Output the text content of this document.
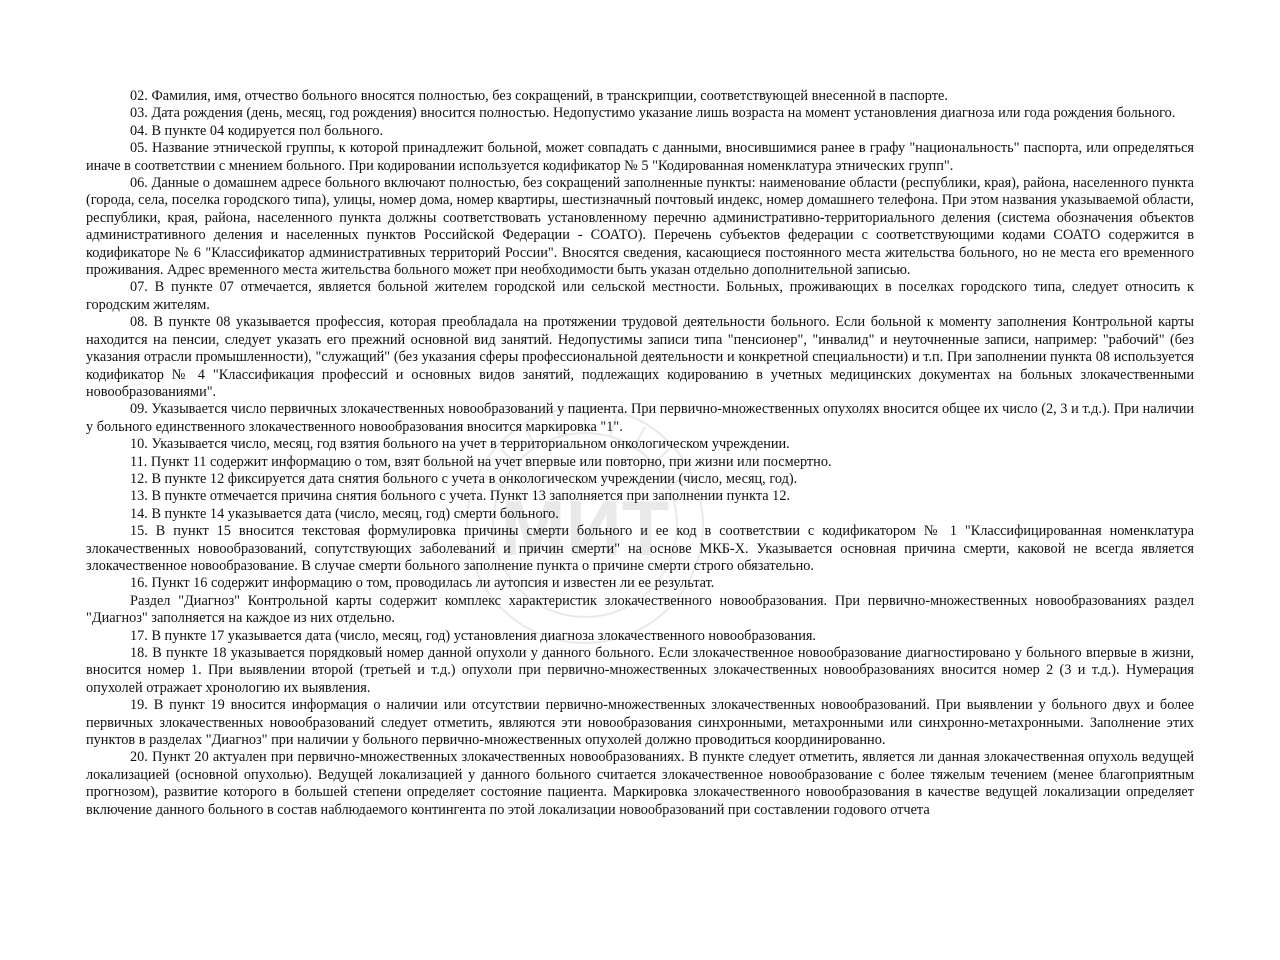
МИТ

02. Фамилия, имя, отчество больного вносятся полностью, без сокращений, в транскрипции, соответствующей внесенной в паспорте.

03. Дата рождения (день, месяц, год рождения) вносится полностью. Недопустимо указание лишь возраста на момент установления диагноза или года рождения больного.

04. В пункте 04 кодируется пол больного.

05. Название этнической группы, к которой принадлежит больной, может совпадать с данными, вносившимися ранее в графу "национальность" паспорта, или определяться иначе в соответствии с мнением больного. При кодировании используется кодификатор № 5 "Кодированная номенклатура этнических групп".

06. Данные о домашнем адресе больного включают полностью, без сокращений заполненные пункты: наименование области (республики, края), района, населенного пункта (города, села, поселка городского типа), улицы, номер дома, номер квартиры, шестизначный почтовый индекс, номер домашнего телефона. При этом названия указываемой области, республики, края, района, населенного пункта должны соответствовать установленному перечню административно-территориального деления (система обозначения объектов административного деления и населенных пунктов Российской Федерации - СОАТО). Перечень субъектов федерации с соответствующими кодами СОАТО содержится в кодификаторе № 6 "Классификатор административных территорий России". Вносятся сведения, касающиеся постоянного места жительства больного, но не места его временного проживания. Адрес временного места жительства больного может при необходимости быть указан отдельно дополнительной записью.

07. В пункте 07 отмечается, является больной жителем городской или сельской местности. Больных, проживающих в поселках городского типа, следует относить к городским жителям.

08. В пункте 08 указывается профессия, которая преобладала на протяжении трудовой деятельности больного. Если больной к моменту заполнения Контрольной карты находится на пенсии, следует указать его прежний основной вид занятий. Недопустимы записи типа "пенсионер", "инвалид" и неуточненные записи, например: "рабочий" (без указания отрасли промышленности), "служащий" (без указания сферы профессиональной деятельности и конкретной специальности) и т.п. При заполнении пункта 08 используется кодификатор № 4 "Классификация профессий и основных видов занятий, подлежащих кодированию в учетных медицинских документах на больных злокачественными новообразованиями".

09. Указывается число первичных злокачественных новообразований у пациента. При первично-множественных опухолях вносится общее их число (2, 3 и т.д.). При наличии у больного единственного злокачественного новообразования вносится маркировка "1".

10. Указывается число, месяц, год взятия больного на учет в территориальном онкологическом учреждении.

11. Пункт 11 содержит информацию о том, взят больной на учет впервые или повторно, при жизни или посмертно.

12. В пункте 12 фиксируется дата снятия больного с учета в онкологическом учреждении (число, месяц, год).

13. В пункте отмечается причина снятия больного с учета. Пункт 13 заполняется при заполнении пункта 12.

14. В пункте 14 указывается дата (число, месяц, год) смерти больного.

15. В пункт 15 вносится текстовая формулировка причины смерти больного и ее код в соответствии с кодификатором № 1 "Классифицированная номенклатура злокачественных новообразований, сопутствующих заболеваний и причин смерти" на основе МКБ-Х. Указывается основная причина смерти, каковой не всегда является злокачественное новообразование. В случае смерти больного заполнение пункта о причине смерти строго обязательно.

16. Пункт 16 содержит информацию о том, проводилась ли аутопсия и известен ли ее результат.

Раздел "Диагноз" Контрольной карты содержит комплекс характеристик злокачественного новообразования. При первично-множественных новообразованиях раздел "Диагноз" заполняется на каждое из них отдельно.

17. В пункте 17 указывается дата (число, месяц, год) установления диагноза злокачественного новообразования.

18. В пункте 18 указывается порядковый номер данной опухоли у данного больного. Если злокачественное новообразование диагностировано у больного впервые в жизни, вносится номер 1. При выявлении второй (третьей и т.д.) опухоли при первично-множественных злокачественных новообразованиях вносится номер 2 (3 и т.д.). Нумерация опухолей отражает хронологию их выявления.

19. В пункт 19 вносится информация о наличии или отсутствии первично-множественных злокачественных новообразований. При выявлении у больного двух и более первичных злокачественных новообразований следует отметить, являются эти новообразования синхронными, метахронными или синхронно-метахронными. Заполнение этих пунктов в разделах "Диагноз" при наличии у больного первично-множественных опухолей должно проводиться координированно.

20. Пункт 20 актуален при первично-множественных злокачественных новообразованиях. В пункте следует отметить, является ли данная злокачественная опухоль ведущей локализацией (основной опухолью). Ведущей локализацией у данного больного считается злокачественное новообразование с более тяжелым течением (менее благоприятным прогнозом), развитие которого в большей степени определяет состояние пациента. Маркировка злокачественного новообразования в качестве ведущей локализации определяет включение данного больного в состав наблюдаемого контингента по этой локализации новообразований при составлении годового отчета
